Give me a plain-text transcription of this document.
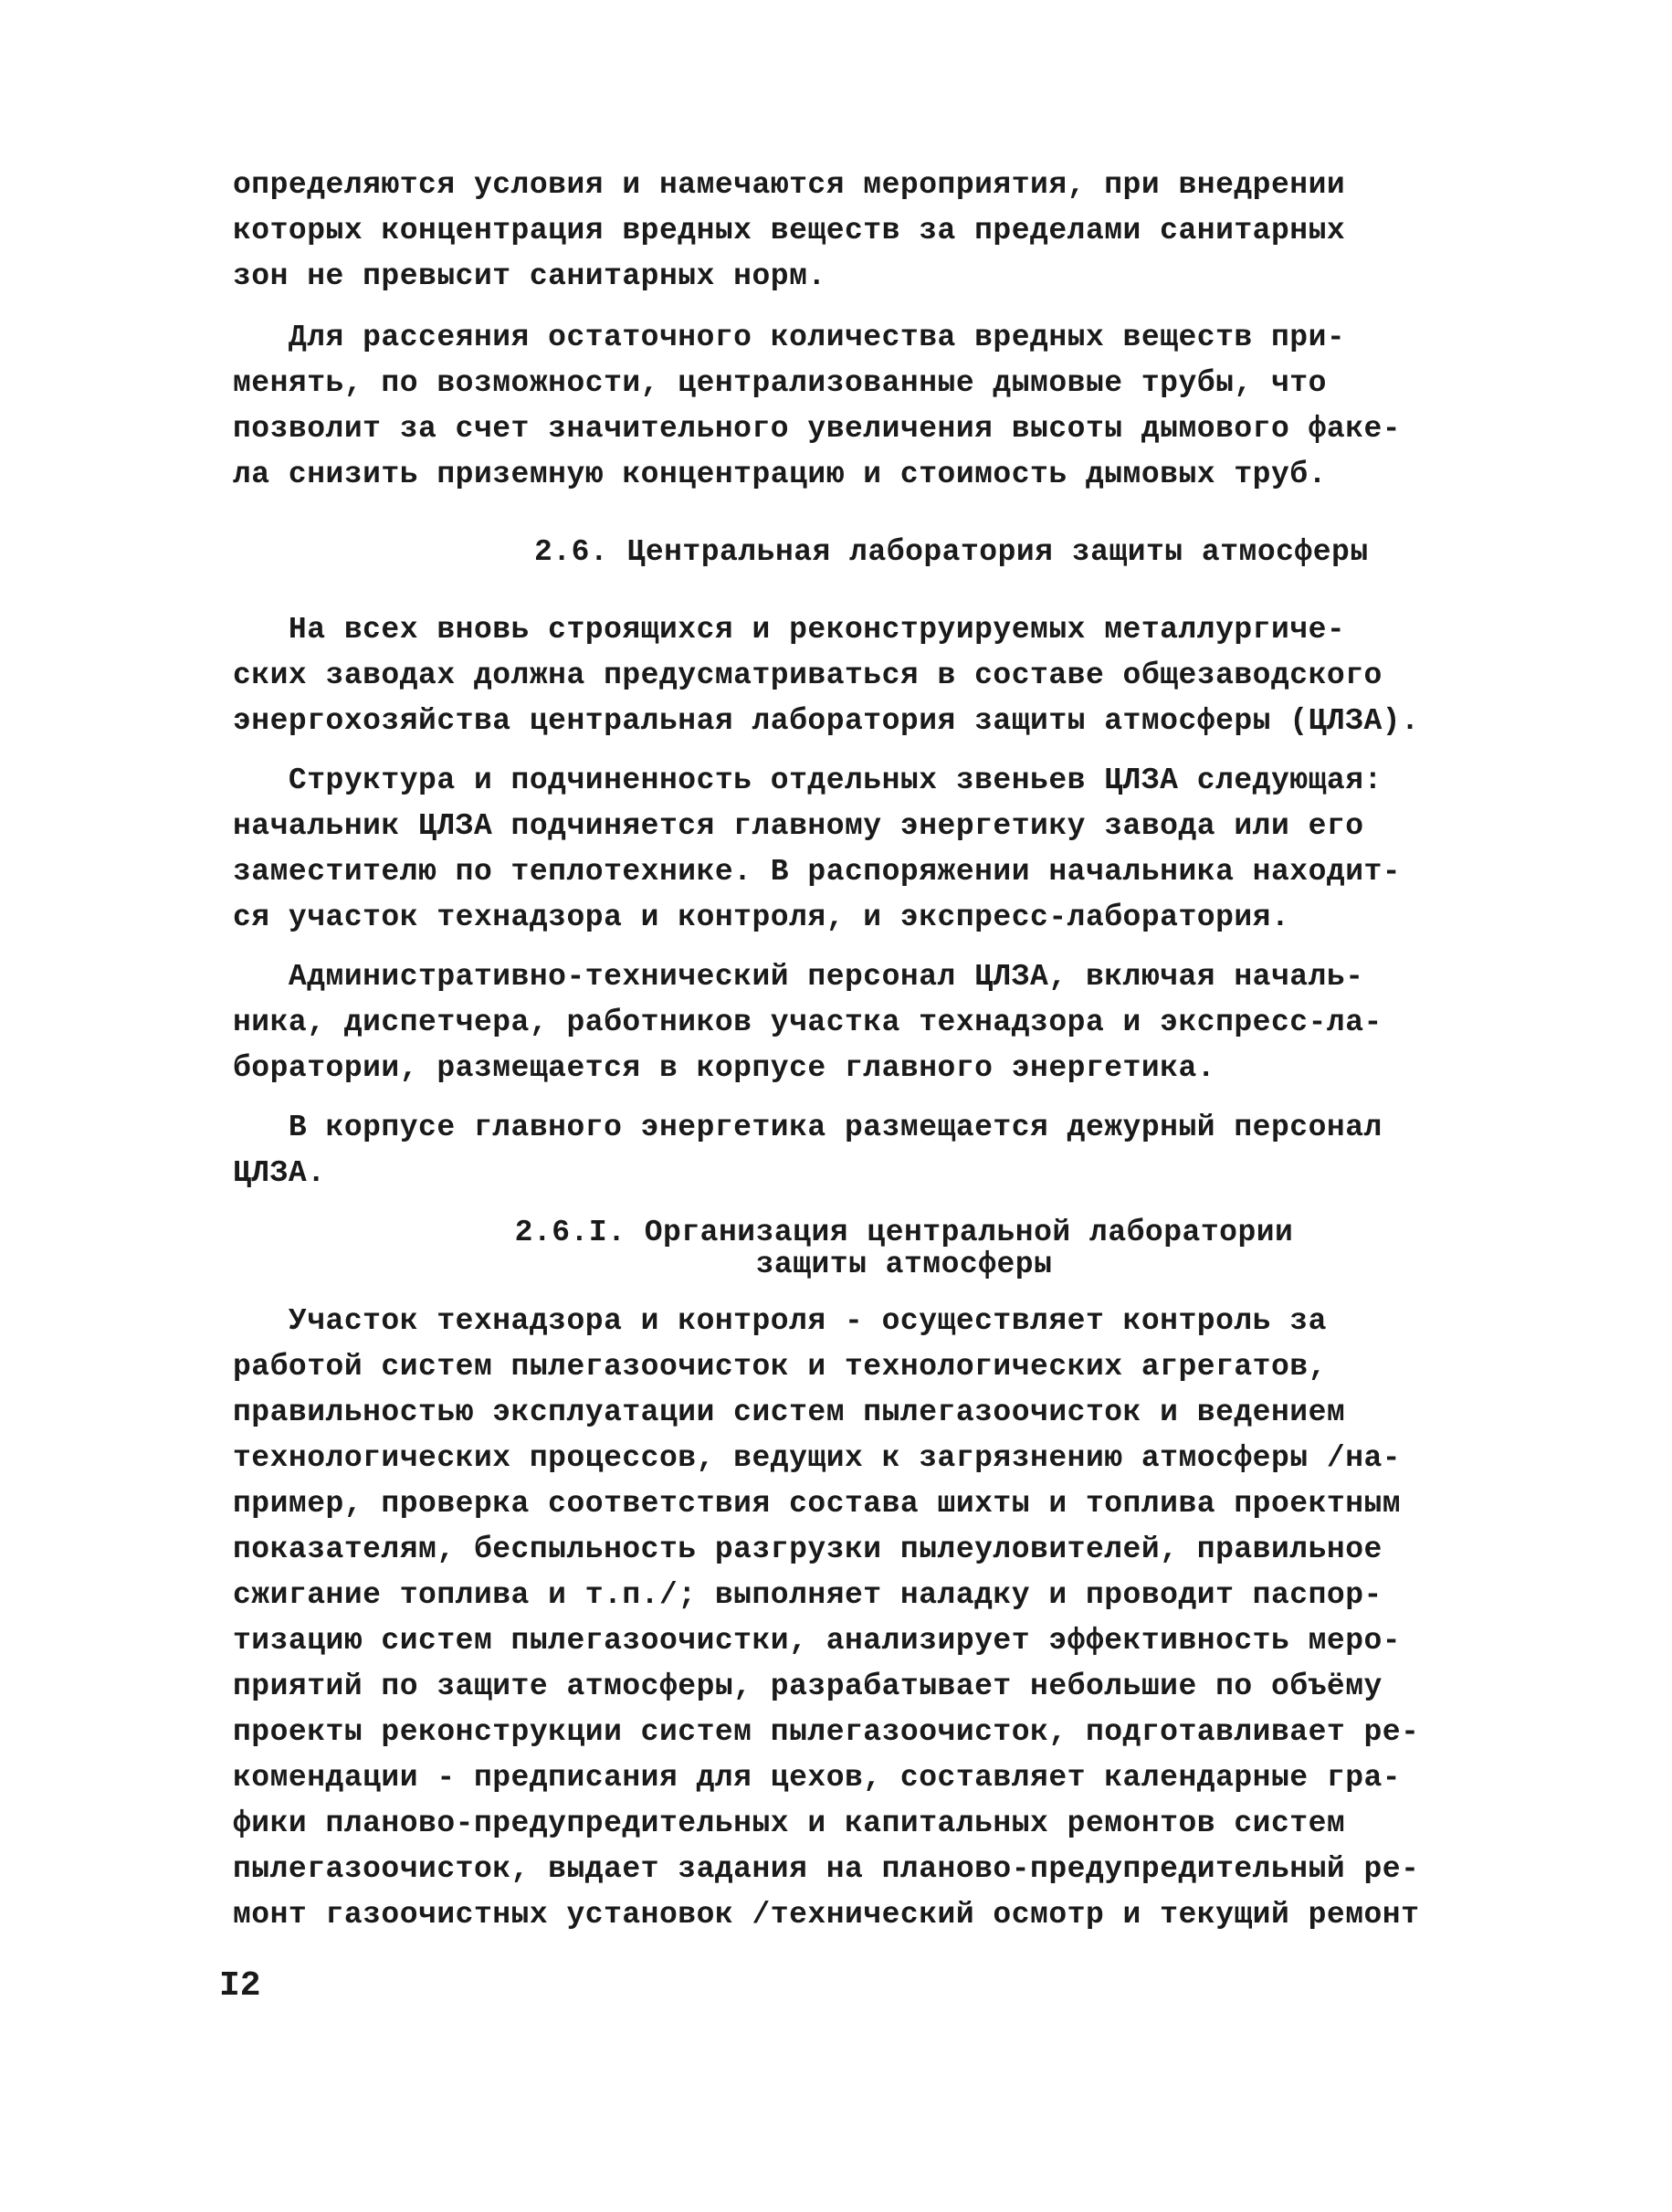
определяются условия и намечаются мероприятия, при внедрении
которых концентрация вредных веществ за пределами санитарных
зон не превысит санитарных норм.
Для рассеяния остаточного количества вредных веществ при-
менять, по возможности, централизованные дымовые трубы, что
позволит за счет значительного увеличения высоты дымового факе-
ла снизить приземную концентрацию и стоимость дымовых труб.
2.6. Центральная лаборатория защиты атмосферы
На всех вновь строящихся и реконструируемых металлургиче-
ских заводах должна предусматриваться в составе общезаводского
энергохозяйства центральная лаборатория защиты атмосферы (ЦЛЗА).
Структура и подчиненность отдельных звеньев ЦЛЗА следующая:
начальник ЦЛЗА подчиняется главному энергетику завода или его
заместителю по теплотехнике. В распоряжении начальника находит-
ся участок технадзора и контроля, и экспресс-лаборатория.
Административно-технический персонал ЦЛЗА, включая началь-
ника, диспетчера, работников участка технадзора и экспресс-ла-
боратории, размещается в корпусе главного энергетика.
В корпусе главного энергетика размещается дежурный персонал
ЦЛЗА.
2.6.I. Организация центральной лаборатории
защиты атмосферы
Участок технадзора и контроля - осуществляет контроль за
работой систем пылегазоочисток и технологических агрегатов,
правильностью эксплуатации систем пылегазоочисток и ведением
технологических процессов, ведущих к загрязнению атмосферы /на-
пример, проверка соответствия состава шихты и топлива проектным
показателям, беспыльность разгрузки пылеуловителей, правильное
сжигание топлива и т.п./; выполняет наладку и проводит паспор-
тизацию систем пылегазоочистки, анализирует эффективность меро-
приятий по защите атмосферы, разрабатывает небольшие по объёму
проекты реконструкции систем пылегазоочисток, подготавливает ре-
комендации - предписания для цехов, составляет календарные гра-
фики планово-предупредительных и капитальных ремонтов систем
пылегазоочисток, выдает задания на планово-предупредительный ре-
монт газоочистных установок /технический осмотр и текущий ремонт
I2
